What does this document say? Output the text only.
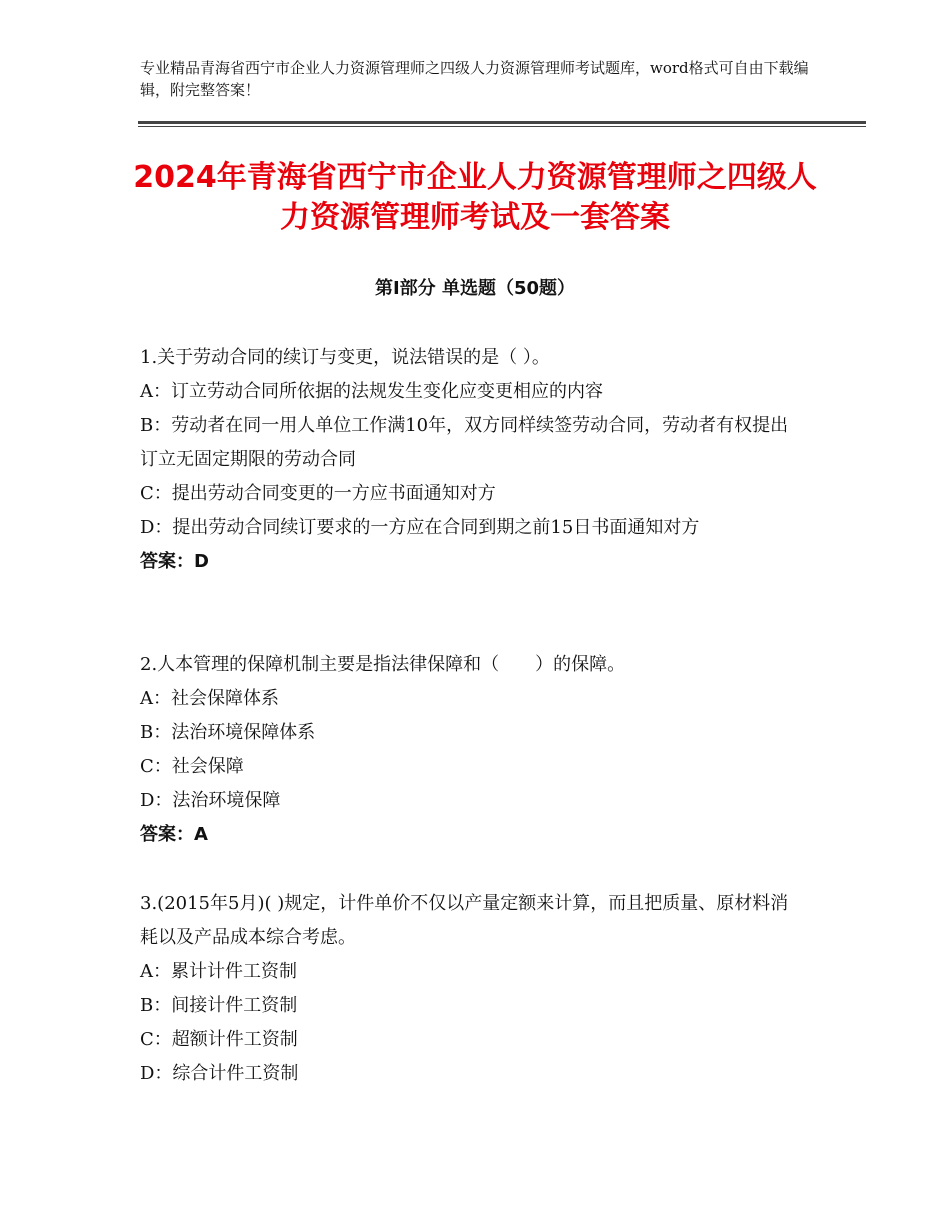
专业精品青海省西宁市企业人力资源管理师之四级人力资源管理师考试题库，word格式可自由下载编辑，附完整答案！
2024年青海省西宁市企业人力资源管理师之四级人力资源管理师考试及一套答案
第Ⅰ部分 单选题（50题）
1.关于劳动合同的续订与变更，说法错误的是（ ）。
A：订立劳动合同所依据的法规发生变化应变更相应的内容
B：劳动者在同一用人单位工作满10年，双方同样续签劳动合同，劳动者有权提出订立无固定期限的劳动合同
C：提出劳动合同变更的一方应书面通知对方
D：提出劳动合同续订要求的一方应在合同到期之前15日书面通知对方
答案：D
2.人本管理的保障机制主要是指法律保障和（　　）的保障。
A：社会保障体系
B：法治环境保障体系
C：社会保障
D：法治环境保障
答案：A
3.(2015年5月)( )规定，计件单价不仅以产量定额来计算，而且把质量、原材料消耗以及产品成本综合考虑。
A：累计计件工资制
B：间接计件工资制
C：超额计件工资制
D：综合计件工资制
